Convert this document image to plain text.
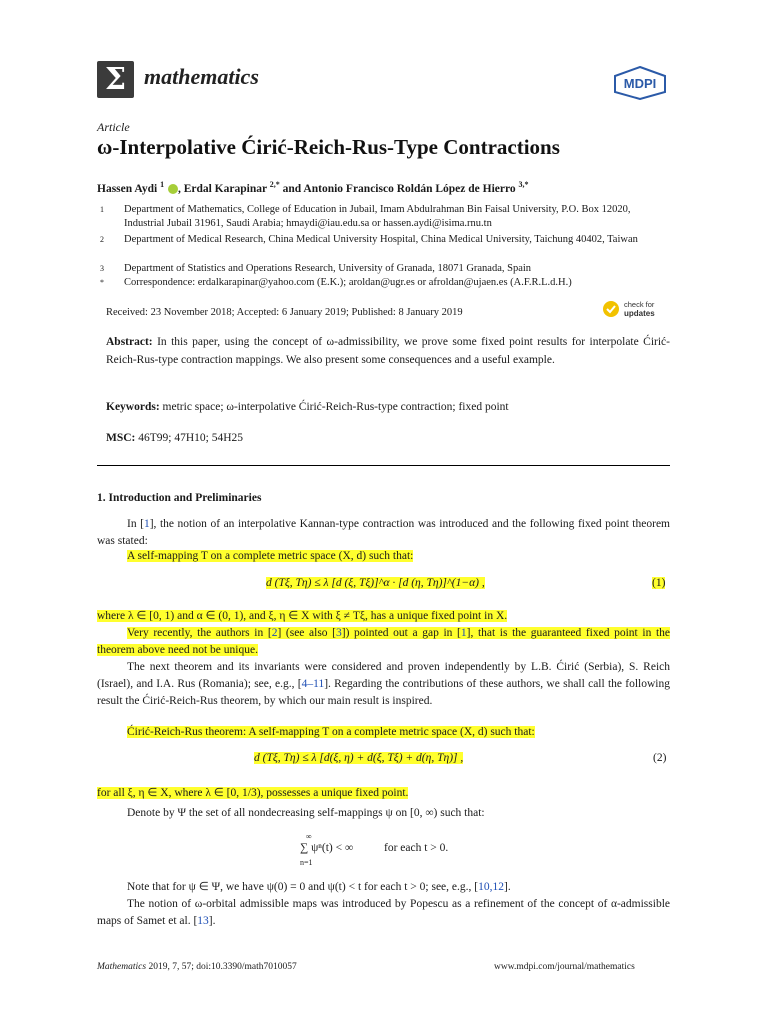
Σ mathematics	MDPI
Article
ω-Interpolative Ćirić-Reich-Rus-Type Contractions
Hassen Aydi $^1$ , Erdal Karapinar $^{2,*}$ and Antonio Francisco Roldán López de Hierro $^{3,*}$
1 Department of Mathematics, College of Education in Jubail, Imam Abdulrahman Bin Faisal University, P.O. Box 12020, Industrial Jubail 31961, Saudi Arabia; hmaydi@iau.edu.sa or hassen.aydi@isima.rnu.tn
2 Department of Medical Research, China Medical University Hospital, China Medical University, Taichung 40402, Taiwan
3 Department of Statistics and Operations Research, University of Granada, 18071 Granada, Spain
* Correspondence: erdalkarapinar@yahoo.com (E.K.); aroldan@ugr.es or afroldan@ujaen.es (A.F.R.L.d.H.)
Received: 23 November 2018; Accepted: 6 January 2019; Published: 8 January 2019
check for
updates
Abstract: In this paper, using the concept of ω-admissibility, we prove some fixed point results for interpolate Ćirić-Reich-Rus-type contraction mappings. We also present some consequences and a useful example.
Keywords: metric space; ω-interpolative Ćirić-Reich-Rus-type contraction; fixed point
MSC: 46T99; 47H10; 54H25
1. Introduction and Preliminaries
In [1], the notion of an interpolative Kannan-type contraction was introduced and the following fixed point theorem was stated:
A self-mapping T on a complete metric space (X, d) such that:
d (Tξ, Tη) ≤ λ [d (ξ, Tξ)]^α · [d (η, Tη)]^(1−α) ,	(1)
where λ ∈ [0, 1) and α ∈ (0, 1), and ξ, η ∈ X with ξ ≠ Tξ, has a unique fixed point in X.
Very recently, the authors in [2] (see also [3]) pointed out a gap in [1], that is the guaranteed fixed point in the theorem above need not be unique.
The next theorem and its invariants were considered and proven independently by L.B. Ćirić (Serbia), S. Reich (Israel), and I.A. Rus (Romania); see, e.g., [4–11]. Regarding the contributions of these authors, we shall call the following result the Ćirić-Reich-Rus theorem, by which our main result is inspired.
Ćirić-Reich-Rus theorem: A self-mapping T on a complete metric space (X, d) such that:
d (Tξ, Tη) ≤ λ [d(ξ, η) + d(ξ, Tξ) + d(η, Tη)] ,	(2)
for all ξ, η ∈ X, where λ ∈ [0, 1/3), possesses a unique fixed point.
Denote by Ψ the set of all nondecreasing self-mappings ψ on [0, ∞) such that:
∞
∑ ψⁿ(t) < ∞
n=1
for each t > 0.
Note that for ψ ∈ Ψ, we have ψ(0) = 0 and ψ(t) < t for each t > 0; see, e.g., [10,12].
The notion of ω-orbital admissible maps was introduced by Popescu as a refinement of the concept of α-admissible maps of Samet et al. [13].
Mathematics 2019, 7, 57; doi:10.3390/math7010057	www.mdpi.com/journal/mathematics
